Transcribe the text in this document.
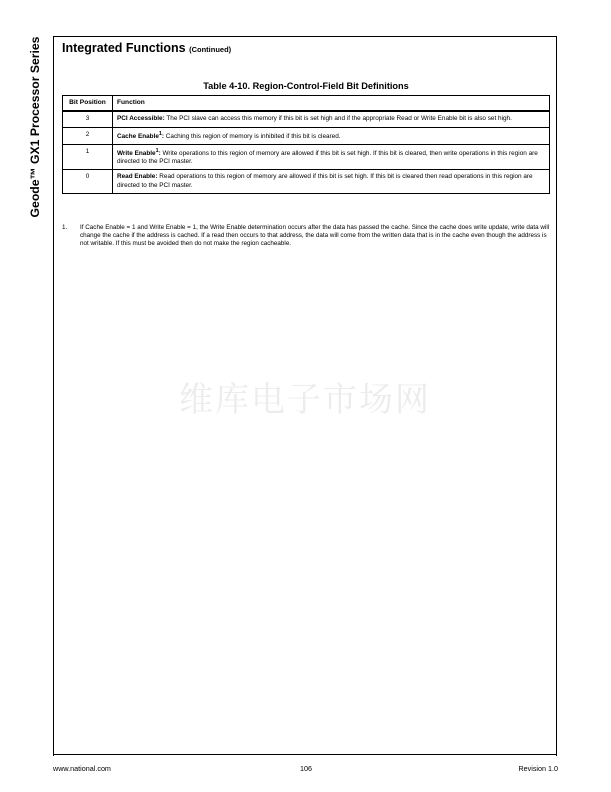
Geode™ GX1 Processor Series Integrated Functions (Continued)
Table 4-10. Region-Control-Field Bit Definitions
Bit Position	Function
3	PCI Accessible: The PCI slave can access this memory if this bit is set high and if the appropriate Read or Write Enable bit is also set high.
2	Cache Enable$^1$: Caching this region of memory is inhibited if this bit is cleared.
1	Write Enable$^1$: Write operations to this region of memory are allowed if this bit is set high. If this bit is cleared, then write operations in this region are directed to the PCI master.
0	Read Enable: Read operations to this region of memory are allowed if this bit is set high. If this bit is cleared then read operations in this region are directed to the PCI master.
1. If Cache Enable = 1 and Write Enable = 1, the Write Enable determination occurs after the data has passed the cache. Since the cache does write update, write data will change the cache if the address is cached. If a read then occurs to that address, the data will come from the written data that is in the cache even though the address is not writable. If this must be avoided then do not make the region cacheable.
维库电子市场网
www.national.com	106	Revision 1.0
